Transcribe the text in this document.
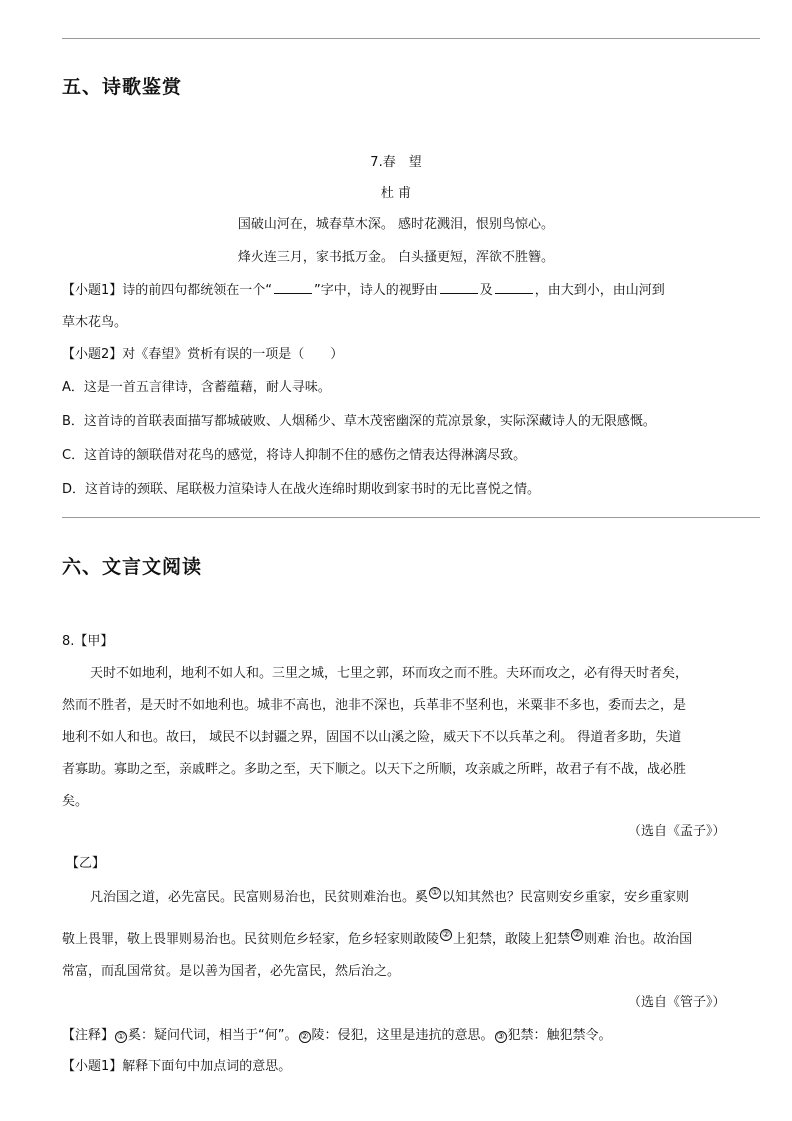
五、诗歌鉴赏
7.春　望
杜 甫
国破山河在，城春草木深。 感时花溅泪，恨别鸟惊心。
烽火连三月，家书抵万金。 白头搔更短，浑欲不胜簪。
【小题1】诗的前四句都统领在一个“	”字中，诗人的视野由	及	，由大到小，由山河到
草木花鸟。
【小题2】对《春望》赏析有误的一项是（　　）
A．这是一首五言律诗，含蓄蕴藉，耐人寻味。
B．这首诗的首联表面描写都城破败、人烟稀少、草木茂密幽深的荒凉景象，实际深藏诗人的无限感慨。
C．这首诗的颔联借对花鸟的感觉，将诗人抑制不住的感伤之情表达得淋漓尽致。
D．这首诗的颈联、尾联极力渲染诗人在战火连绵时期收到家书时的无比喜悦之情。
六、文言文阅读
8.【甲】
天时不如地利，地利不如人和。三里之城，七里之郭，环而攻之而不胜。夫环而攻之，必有得天时者矣，
然而不胜者，是天时不如地利也。城非不高也，池非不深也，兵革非不坚利也，米粟非不多也，委而去之，是
地利不如人和也。故曰， 域民不以封疆之界，固国不以山溪之险，威天下不以兵革之利。 得道者多助，失道
者寡助。寡助之至，亲戚畔之。多助之至，天下顺之。以天下之所顺，攻亲戚之所畔，故君子有不战，战必胜
矣。
（选自《孟子》）
【乙】
凡治国之道，必先富民。民富则易治也，民贫则难治也。奚 ① 以知其然也？民富则安乡重家，安乡重家则
敬上畏罪，敬上畏罪则易治也。民贫则危乡轻家，危乡轻家则敢陵 ② 上犯禁，敢陵上犯禁 ② 则难 治也。故治国
常富，而乱国常贫。是以善为国者，必先富民，然后治之。
（选自《管子》）
【注释】 ① 奚：疑问代词，相当于“何”。 ② 陵：侵犯，这里是违抗的意思。 ③ 犯禁：触犯禁令。
【小题1】解释下面句中加点词的意思。
